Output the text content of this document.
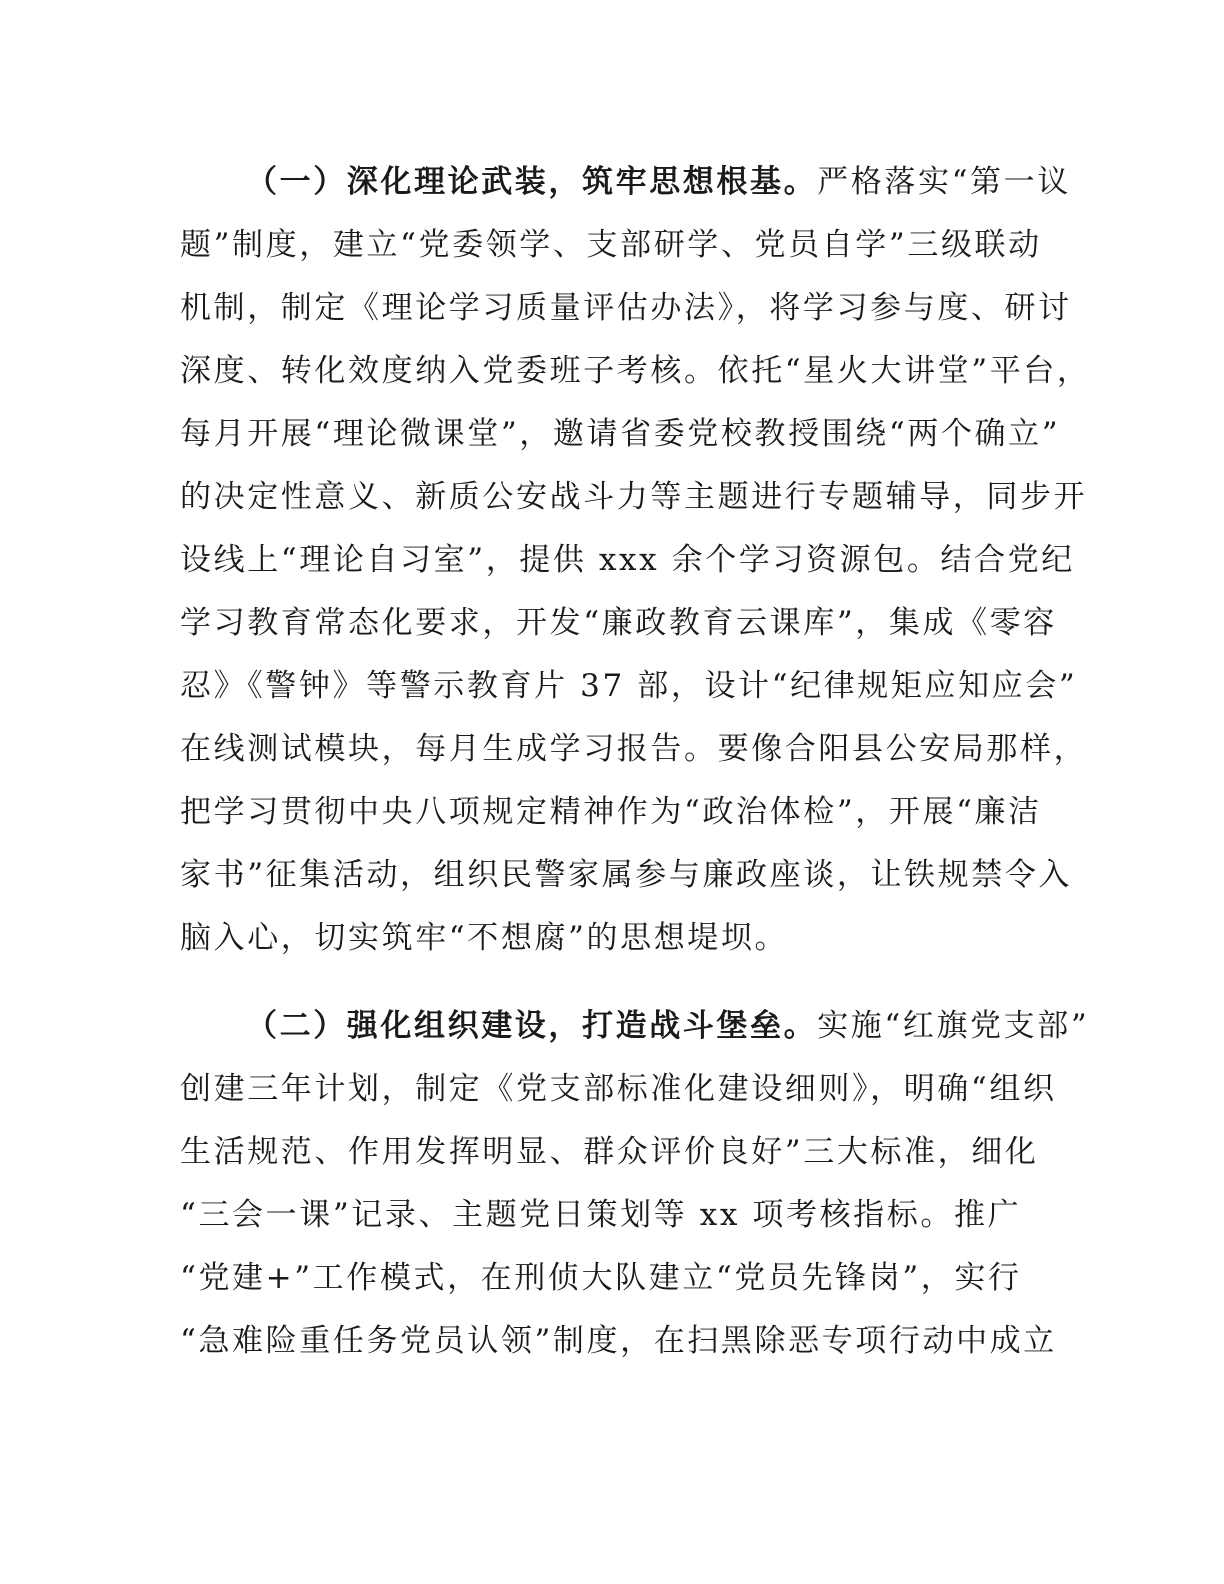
（一）深化理论武装，筑牢思想根基。严格落实“第一议
题”制度，建立“党委领学、支部研学、党员自学”三级联动
机制，制定《理论学习质量评估办法》，将学习参与度、研讨
深度、转化效度纳入党委班子考核。依托“星火大讲堂”平台，
每月开展“理论微课堂”，邀请省委党校教授围绕“两个确立”
的决定性意义、新质公安战斗力等主题进行专题辅导，同步开
设线上“理论自习室”，提供 xxx 余个学习资源包。结合党纪
学习教育常态化要求，开发“廉政教育云课库”，集成《零容
忍》《警钟》等警示教育片 37 部，设计“纪律规矩应知应会”
在线测试模块，每月生成学习报告。要像合阳县公安局那样，
把学习贯彻中央八项规定精神作为“政治体检”，开展“廉洁
家书”征集活动，组织民警家属参与廉政座谈，让铁规禁令入
脑入心，切实筑牢“不想腐”的思想堤坝。
（二）强化组织建设，打造战斗堡垒。实施“红旗党支部”
创建三年计划，制定《党支部标准化建设细则》，明确“组织
生活规范、作用发挥明显、群众评价良好”三大标准，细化
“三会一课”记录、主题党日策划等 xx 项考核指标。推广
“党建+”工作模式，在刑侦大队建立“党员先锋岗”，实行
“急难险重任务党员认领”制度，在扫黑除恶专项行动中成立
